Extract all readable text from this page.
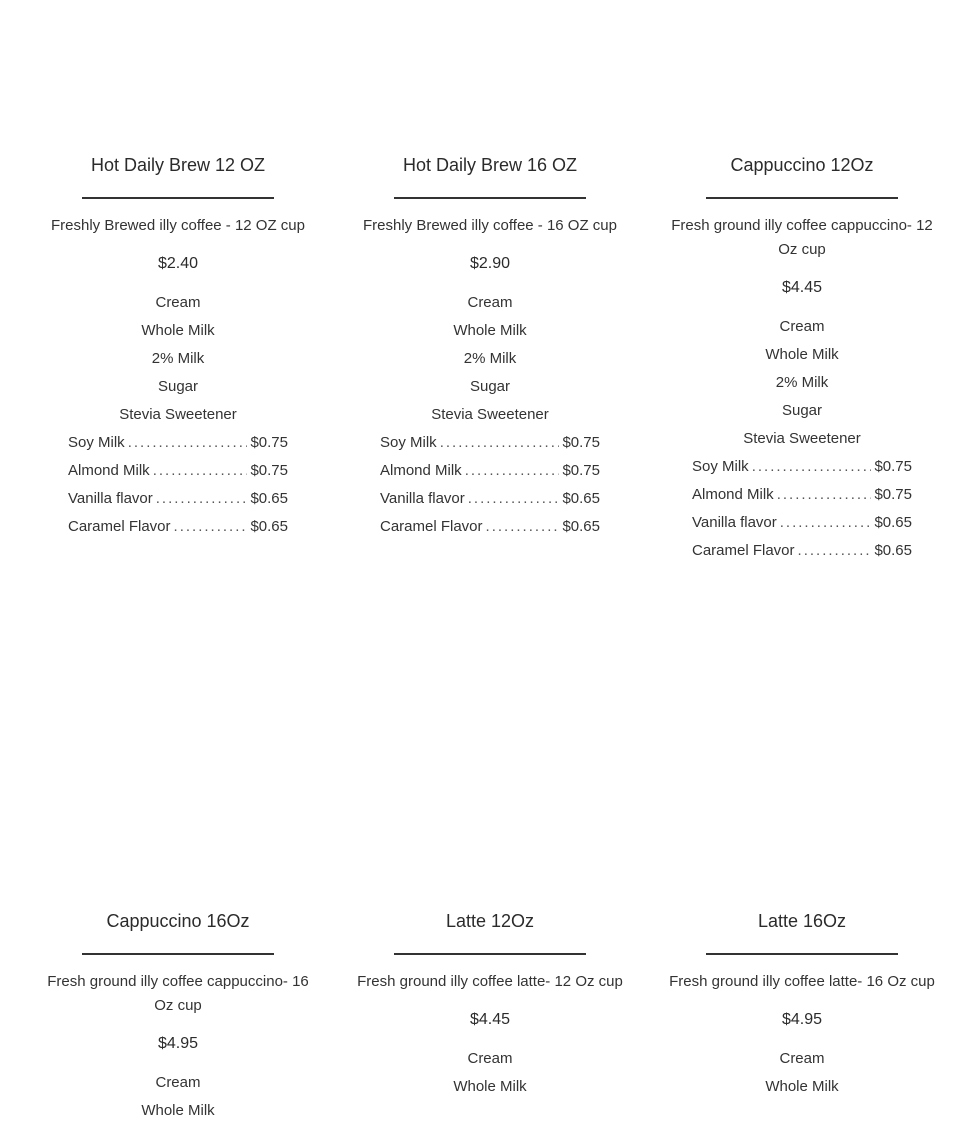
Hot Daily Brew 12 OZ
Freshly Brewed illy coffee - 12 OZ cup
$2.40
Cream
Whole Milk
2% Milk
Sugar
Stevia Sweetener
Soy Milk .....	$0.75
Almond Milk .....	$0.75
Vanilla flavor .....	$0.65
Caramel Flavor .....	$0.65
Hot Daily Brew 16 OZ
Freshly Brewed illy coffee - 16 OZ cup
$2.90
Cream
Whole Milk
2% Milk
Sugar
Stevia Sweetener
Soy Milk .....	$0.75
Almond Milk .....	$0.75
Vanilla flavor .....	$0.65
Caramel Flavor .....	$0.65
Cappuccino 12Oz
Fresh ground illy coffee cappuccino- 12 Oz cup
$4.45
Cream
Whole Milk
2% Milk
Sugar
Stevia Sweetener
Soy Milk .....	$0.75
Almond Milk .....	$0.75
Vanilla flavor .....	$0.65
Caramel Flavor .....	$0.65
Cappuccino 16Oz
Fresh ground illy coffee cappuccino- 16 Oz cup
$4.95
Cream
Whole Milk
Latte 12Oz
Fresh ground illy coffee latte- 12 Oz cup
$4.45
Cream
Whole Milk
Latte 16Oz
Fresh ground illy coffee latte- 16 Oz cup
$4.95
Cream
Whole Milk
